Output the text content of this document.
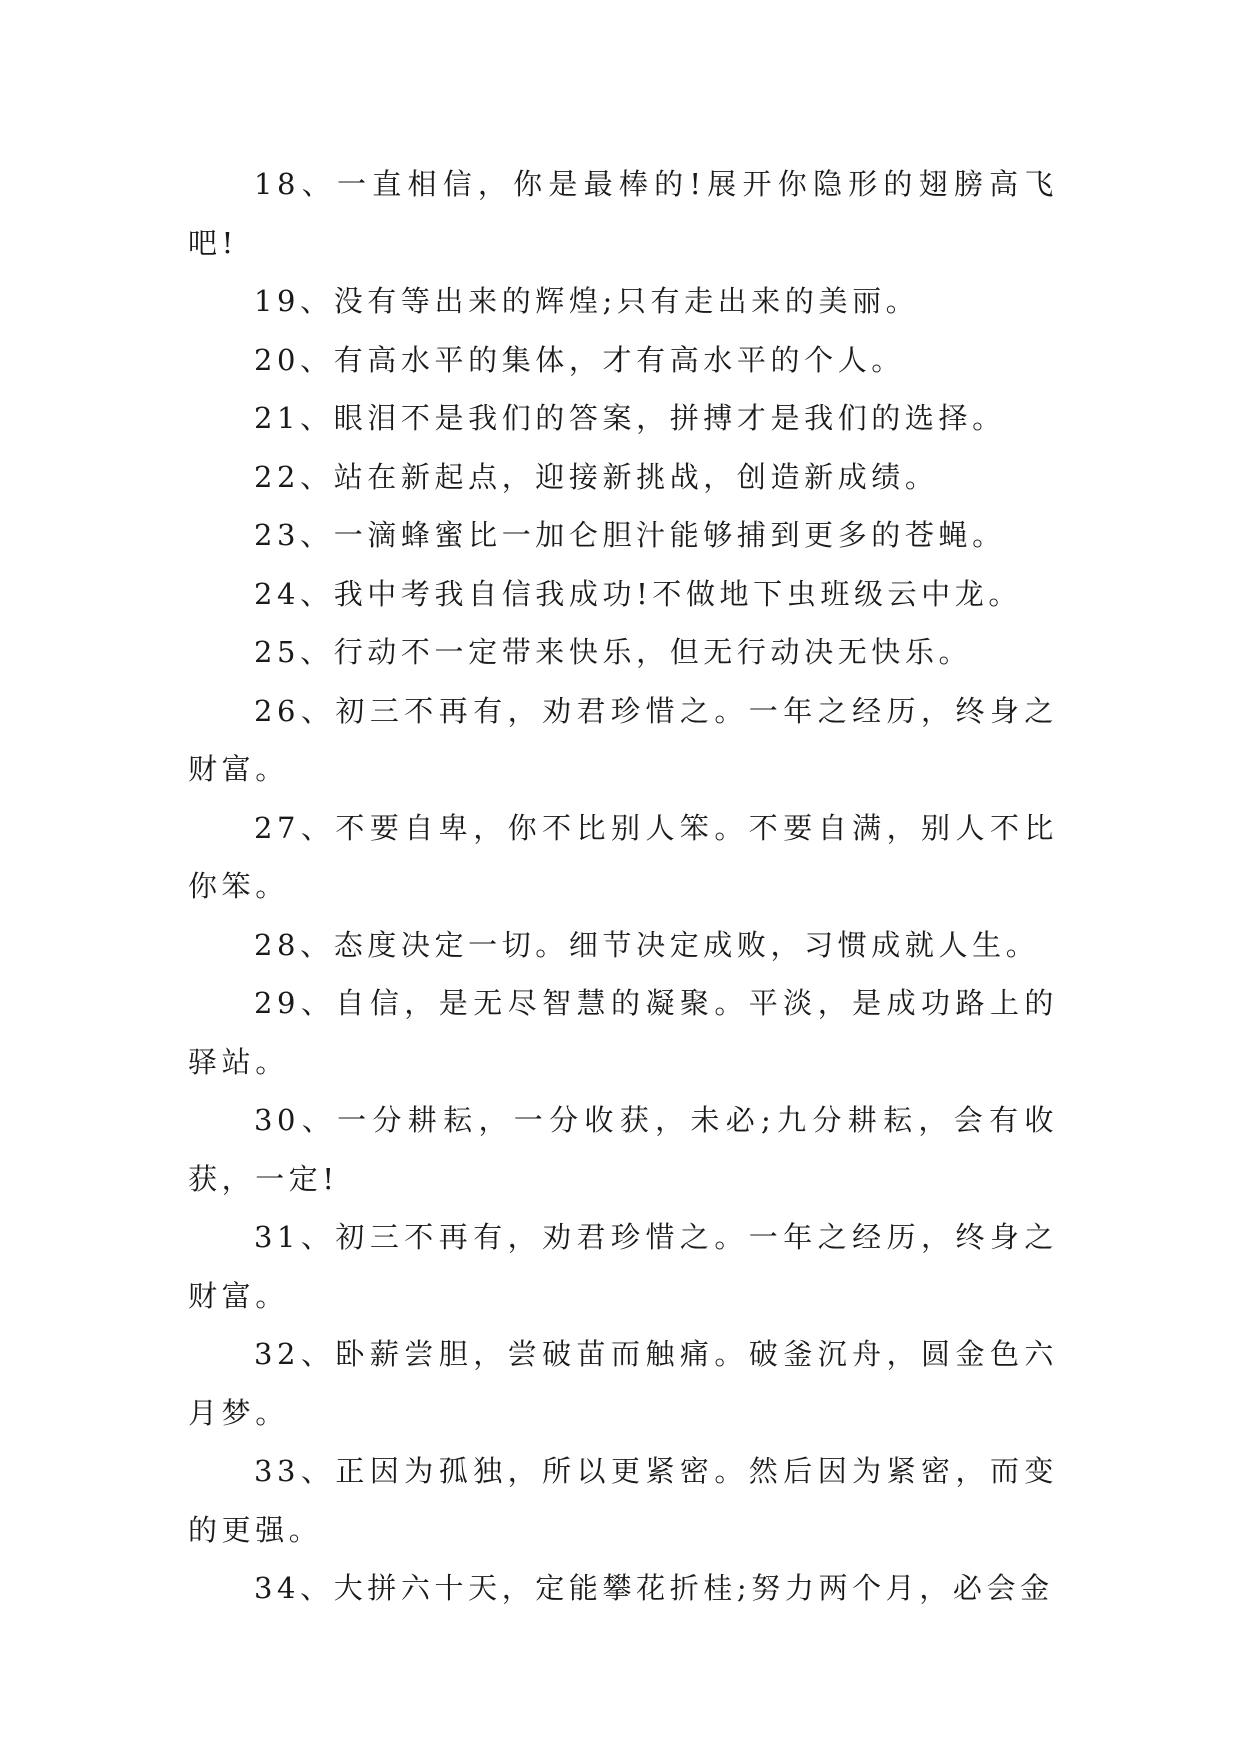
18、一直相信，你是最棒的!展开你隐形的翅膀高飞吧!

19、没有等出来的辉煌;只有走出来的美丽。

20、有高水平的集体，才有高水平的个人。

21、眼泪不是我们的答案，拼搏才是我们的选择。

22、站在新起点，迎接新挑战，创造新成绩。

23、一滴蜂蜜比一加仑胆汁能够捕到更多的苍蝇。

24、我中考我自信我成功!不做地下虫班级云中龙。

25、行动不一定带来快乐，但无行动决无快乐。

26、初三不再有，劝君珍惜之。一年之经历，终身之财富。

27、不要自卑，你不比别人笨。不要自满，别人不比你笨。

28、态度决定一切。细节决定成败，习惯成就人生。

29、自信，是无尽智慧的凝聚。平淡，是成功路上的驿站。

30、一分耕耘，一分收获，未必;九分耕耘，会有收获，一定!

31、初三不再有，劝君珍惜之。一年之经历，终身之财富。

32、卧薪尝胆，尝破苗而触痛。破釜沉舟，圆金色六月梦。

33、正因为孤独，所以更紧密。然后因为紧密，而变的更强。

34、大拼六十天，定能攀花折桂;努力两个月，必会金
